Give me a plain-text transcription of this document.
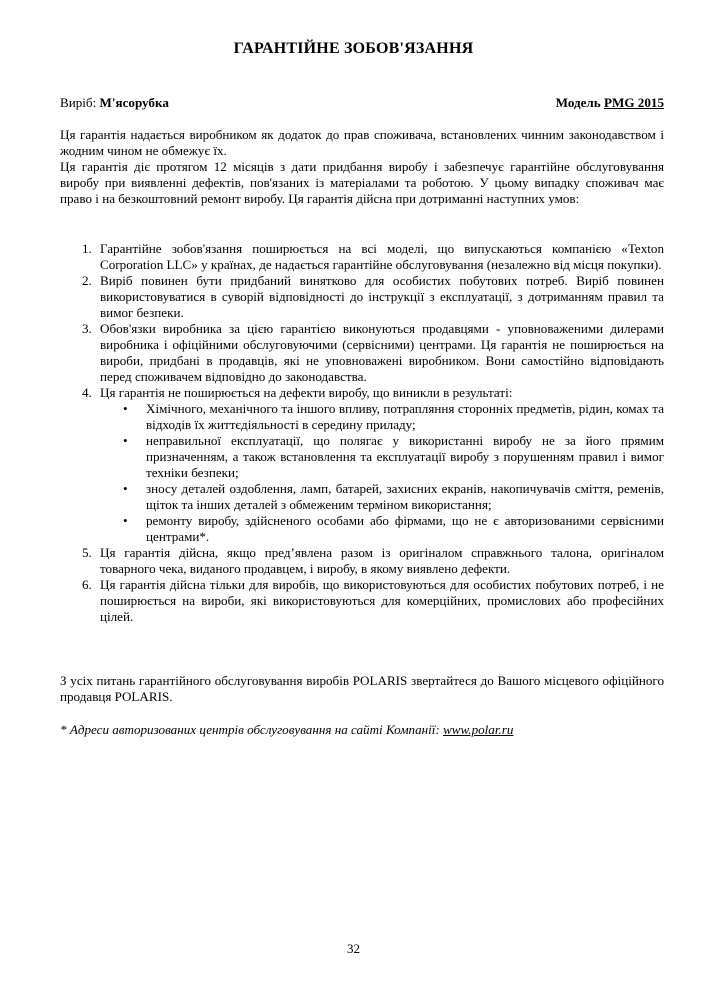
ГАРАНТІЙНЕ ЗОБОВ'ЯЗАННЯ
Виріб: М'ясорубка	Модель PMG 2015

Ця гарантія надається виробником як додаток до прав споживача, встановлених чинним законодавством і жодним чином не обмежує їх.

Ця гарантія діє протягом 12 місяців з дати придбання виробу і забезпечує гарантійне обслуговування виробу при виявленні дефектів, пов'язаних із матеріалами та роботою. У цьому випадку споживач має право і на безкоштовний ремонт виробу. Ця гарантія дійсна при дотриманні наступних умов:

1. Гарантійне зобов'язання поширюється на всі моделі, що випускаються компанією «Texton Corporation LLC» у країнах, де надається гарантійне обслуговування (незалежно від місця покупки).
2. Виріб повинен бути придбаний винятково для особистих побутових потреб. Виріб повинен використовуватися в суворій відповідності до інструкції з експлуатації, з дотриманням правил та вимог безпеки.
3. Обов'язки виробника за цією гарантією виконуються продавцями - уповноваженими дилерами виробника і офіційними обслуговуючими (сервісними) центрами. Ця гарантія не поширюється на вироби, придбані в продавців, які не уповноважені виробником. Вони самостійно відповідають перед споживачем відповідно до законодавства.
4. Ця гарантія не поширюється на дефекти виробу, що виникли в результаті:
• Хімічного, механічного та іншого впливу, потрапляння сторонніх предметів, рідин, комах та відходів їх життєдіяльності в середину приладу;
• неправильної експлуатації, що полягає у використанні виробу не за його прямим призначенням, а також встановлення та експлуатації виробу з порушенням правил і вимог техніки безпеки;
• зносу деталей оздоблення, ламп, батарей, захисних екранів, накопичувачів сміття, ременів, щіток та інших деталей з обмеженим терміном використання;
• ремонту виробу, здійсненого особами або фірмами, що не є авторизованими сервісними центрами*.
5. Ця гарантія дійсна, якщо пред’явлена разом із оригіналом справжнього талона, оригіналом товарного чека, виданого продавцем, і виробу, в якому виявлено дефекти.
6. Ця гарантія дійсна тільки для виробів, що використовуються для особистих побутових потреб, і не поширюється на вироби, які використовуються для комерційних, промислових або професійних цілей.
З усіх питань гарантійного обслуговування виробів POLARIS звертайтеся до Вашого місцевого офіційного продавця POLARIS.
* Адреси авторизованих центрів обслуговування на сайті Компанії: www.polar.ru
32
